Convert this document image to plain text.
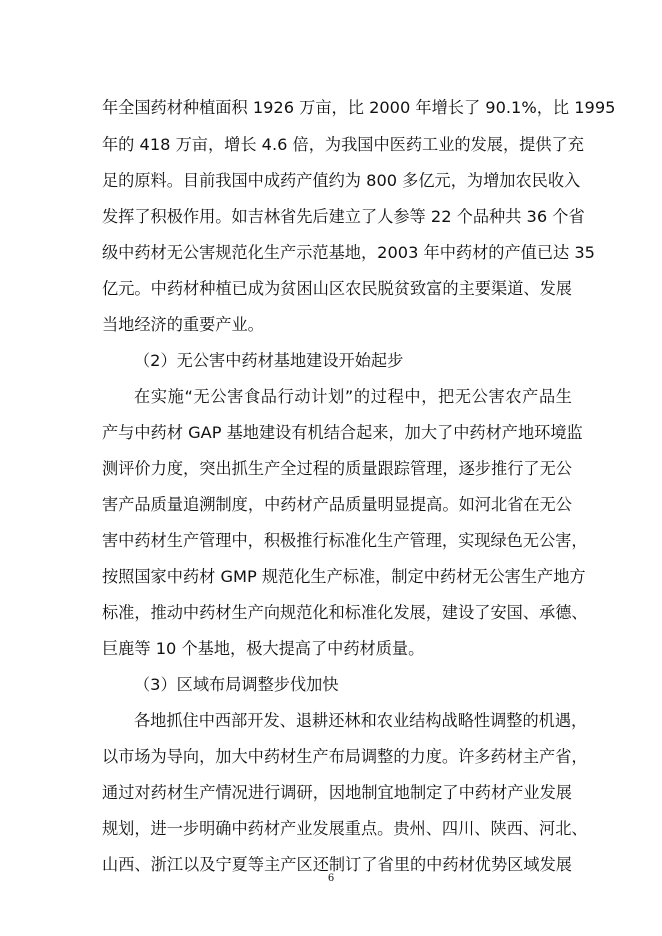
年全国药材种植面积 1926 万亩，比 2000 年增长了 90.1%，比 1995
年的 418 万亩，增长 4.6 倍，为我国中医药工业的发展，提供了充
足的原料。目前我国中成药产值约为 800 多亿元，为增加农民收入
发挥了积极作用。如吉林省先后建立了人参等 22 个品种共 36 个省
级中药材无公害规范化生产示范基地，2003 年中药材的产值已达 35
亿元。中药材种植已成为贫困山区农民脱贫致富的主要渠道、发展
当地经济的重要产业。
（2）无公害中药材基地建设开始起步
在实施“无公害食品行动计划”的过程中，把无公害农产品生
产与中药材 GAP 基地建设有机结合起来，加大了中药材产地环境监
测评价力度，突出抓生产全过程的质量跟踪管理，逐步推行了无公
害产品质量追溯制度，中药材产品质量明显提高。如河北省在无公
害中药材生产管理中，积极推行标准化生产管理，实现绿色无公害，
按照国家中药材 GMP 规范化生产标准，制定中药材无公害生产地方
标准，推动中药材生产向规范化和标准化发展，建设了安国、承德、
巨鹿等 10 个基地，极大提高了中药材质量。
（3）区域布局调整步伐加快
各地抓住中西部开发、退耕还林和农业结构战略性调整的机遇，
以市场为导向，加大中药材生产布局调整的力度。许多药材主产省，
通过对药材生产情况进行调研，因地制宜地制定了中药材产业发展
规划，进一步明确中药材产业发展重点。贵州、四川、陕西、河北、
山西、浙江以及宁夏等主产区还制订了省里的中药材优势区域发展
6
